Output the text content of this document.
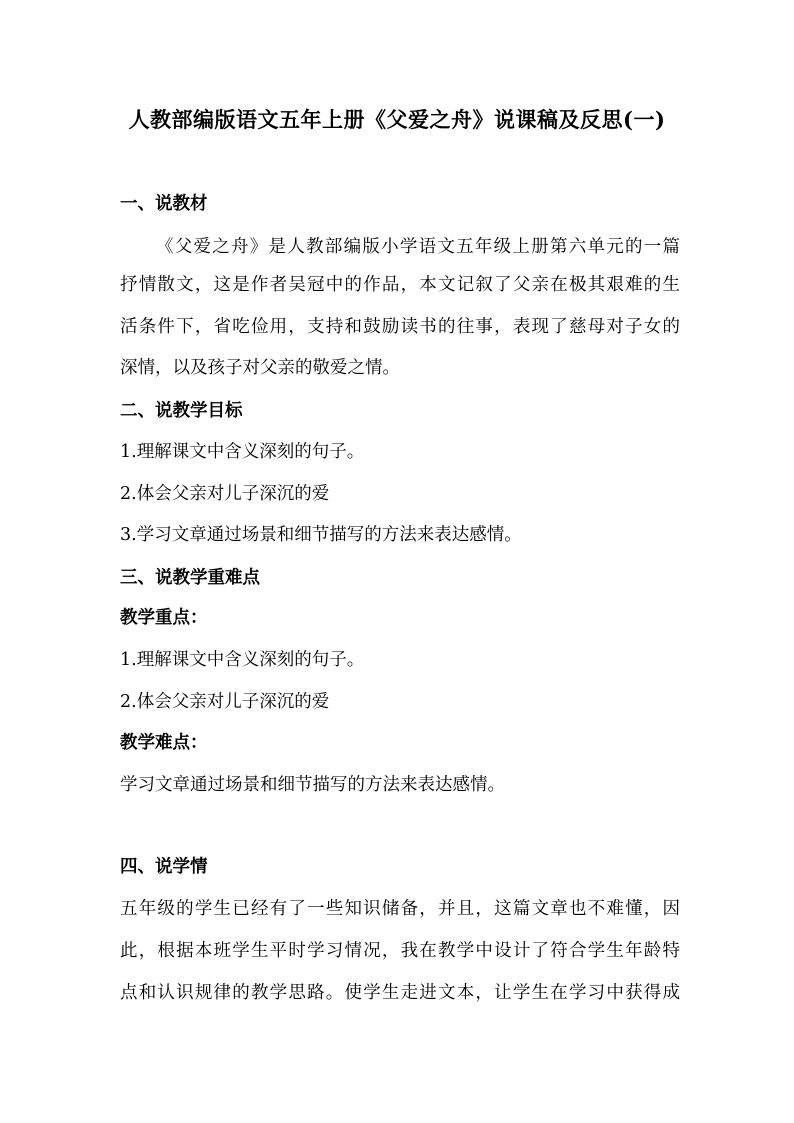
人教部编版语文五年上册《父爱之舟》说课稿及反思(一)
一、说教材
《父爱之舟》是人教部编版小学语文五年级上册第六单元的一篇
抒情散文，这是作者吴冠中的作品，本文记叙了父亲在极其艰难的生
活条件下，省吃俭用，支持和鼓励读书的往事，表现了慈母对子女的
深情，以及孩子对父亲的敬爱之情。
二、说教学目标
1.理解课文中含义深刻的句子。
2.体会父亲对儿子深沉的爱
3.学习文章通过场景和细节描写的方法来表达感情。
三、说教学重难点
教学重点：
1.理解课文中含义深刻的句子。
2.体会父亲对儿子深沉的爱
教学难点：
学习文章通过场景和细节描写的方法来表达感情。
四、说学情
五年级的学生已经有了一些知识储备，并且，这篇文章也不难懂，因
此，根据本班学生平时学习情况，我在教学中设计了符合学生年龄特
点和认识规律的教学思路。使学生走进文本，让学生在学习中获得成
